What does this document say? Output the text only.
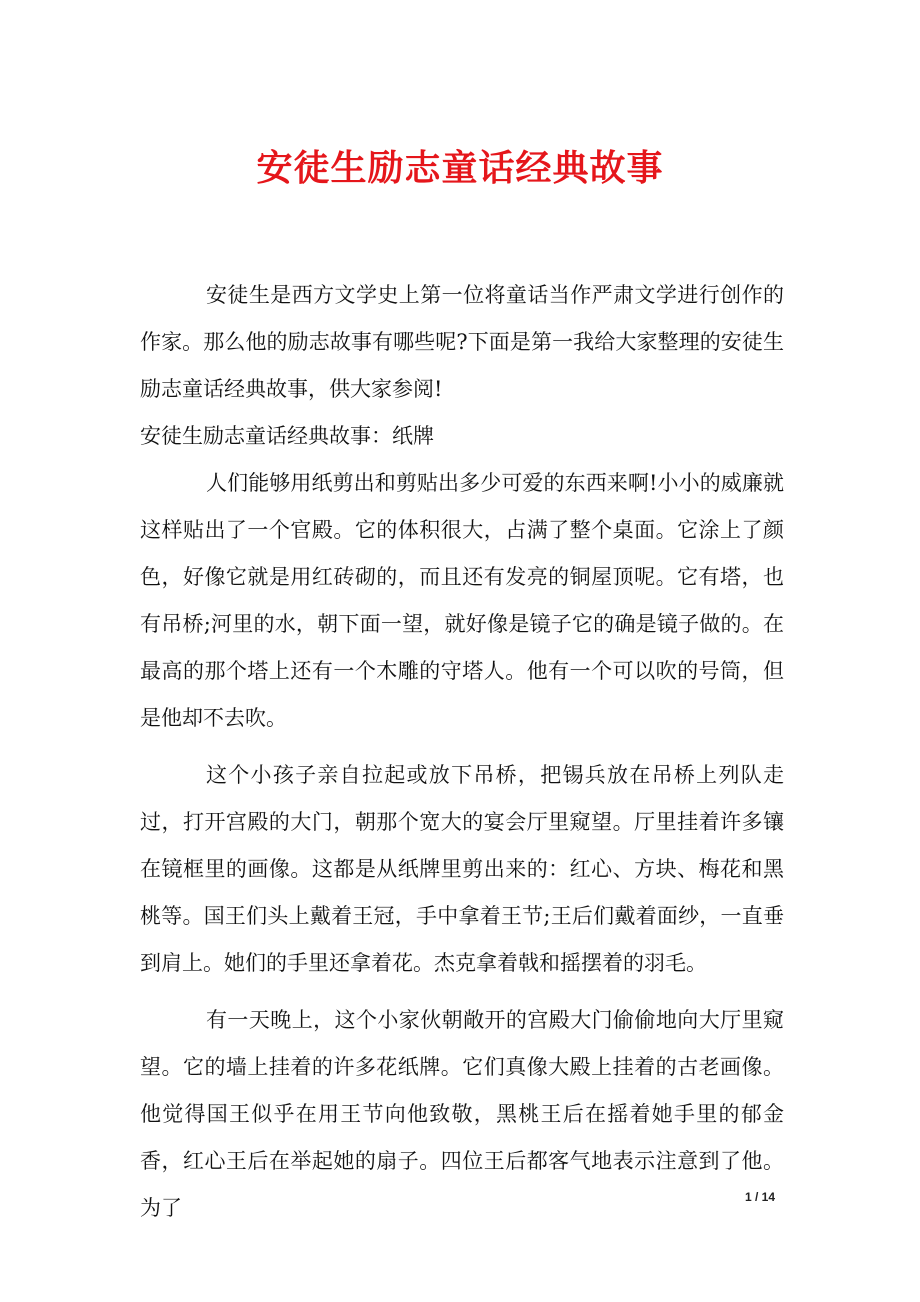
安徒生励志童话经典故事

安徒生是西方文学史上第一位将童话当作严肃文学进行创作的作家。那么他的励志故事有哪些呢?下面是第一我给大家整理的安徒生励志童话经典故事，供大家参阅!

安徒生励志童话经典故事：纸牌

人们能够用纸剪出和剪贴出多少可爱的东西来啊!小小的威廉就这样贴出了一个官殿。它的体积很大，占满了整个桌面。它涂上了颜色，好像它就是用红砖砌的，而且还有发亮的铜屋顶呢。它有塔，也有吊桥;河里的水，朝下面一望，就好像是镜子它的确是镜子做的。在最高的那个塔上还有一个木雕的守塔人。他有一个可以吹的号筒，但是他却不去吹。

这个小孩子亲自拉起或放下吊桥，把锡兵放在吊桥上列队走过，打开宫殿的大门，朝那个宽大的宴会厅里窥望。厅里挂着许多镶在镜框里的画像。这都是从纸牌里剪出来的：红心、方块、梅花和黑桃等。国王们头上戴着王冠，手中拿着王节;王后们戴着面纱，一直垂到肩上。她们的手里还拿着花。杰克拿着戟和摇摆着的羽毛。

有一天晚上，这个小家伙朝敞开的宫殿大门偷偷地向大厅里窥望。它的墙上挂着的许多花纸牌。它们真像大殿上挂着的古老画像。他觉得国王似乎在用王节向他致敬，黑桃王后在摇着她手里的郁金香，红心王后在举起她的扇子。四位王后都客气地表示注意到了他。为了	1 / 14
